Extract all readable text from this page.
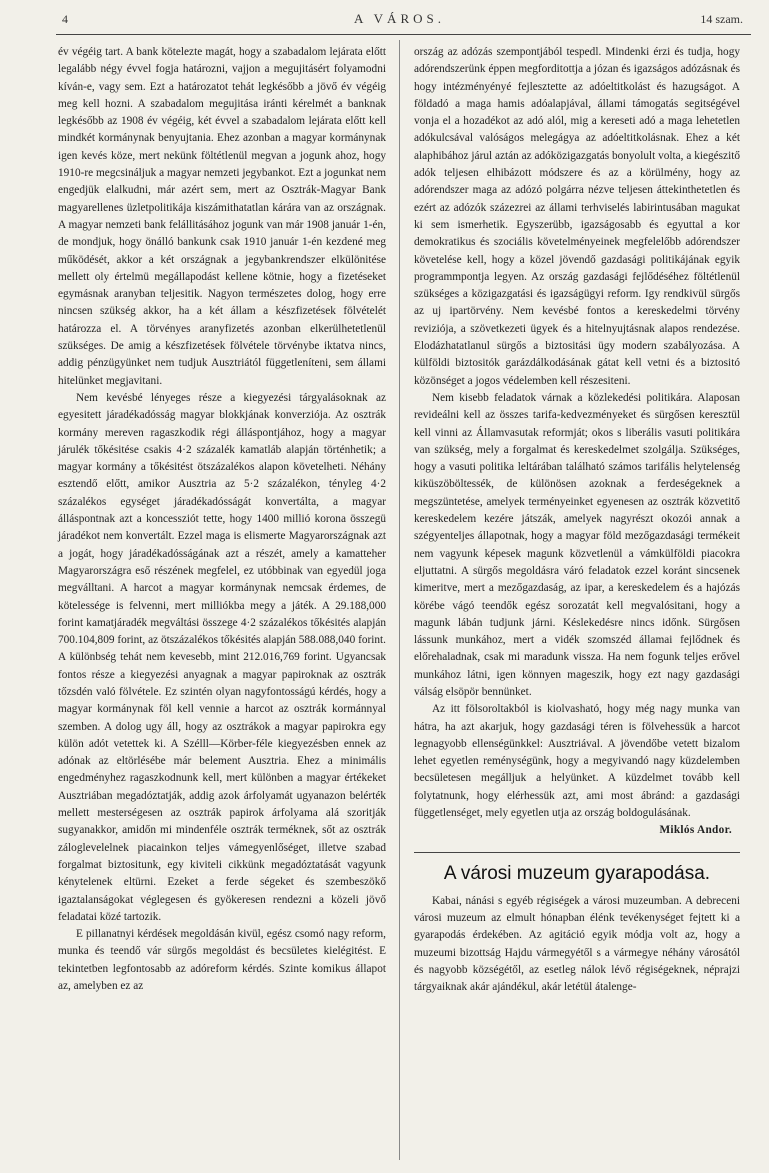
4	A VÁROS.	14 szam.

év végéig tart. A bank kötelezte magát, hogy a szabadalom lejárata előtt legalább négy évvel fogja határozni, vajjon a megujitásért folyamodni kíván-e, vagy sem. Ezt a határozatot tehát legkésőbb a jövő év végéig meg kell hozni. A szabadalom megujitása iránti kérelmét a banknak legkésőbb az 1908 év végéig, két évvel a szabadalom lejárata előtt kell mindkét kormánynak benyujtania. Ehez azonban a magyar kormánynak igen kevés köze, mert nekünk föltétlenül megvan a jogunk ahoz, hogy 1910-re megcsináljuk a magyar nemzeti jegybankot. Ezt a jogunkat nem engedjük elalkudni, már azért sem, mert az Osztrák-Magyar Bank magyarellenes üzletpolitikája kiszámithatatlan kárára van az országnak. A magyar nemzeti bank felállitásához jogunk van már 1908 január 1-én, de mondjuk, hogy önálló bankunk csak 1910 január 1-én kezdené meg működését, akkor a két országnak a jegybankrendszer elkülönitése mellett oly értelmü megállapodást kellene kötnie, hogy a fizetéseket egymásnak aranyban teljesitik. Nagyon természetes dolog, hogy erre nincsen szükség akkor, ha a két állam a készfizetések fölvételét határozza el. A törvényes aranyfizetés azonban elkerülhetetlenül szükséges. De amig a készfizetések fölvétele törvénybe iktatva nincs, addig pénzügyünket nem tudjuk Ausztriától függetleníteni, sem állami hitelünket megjavitani.

Nem kevésbé lényeges része a kiegyezési tárgyalásoknak az egyesitett járadékadósság magyar blokkjának konverziója. Az osztrák kormány mereven ragaszkodik régi álláspontjához, hogy a magyar járulék tőkésitése csakis 4·2 százalék kamatláb alapján történhetik; a magyar kormány a tőkésitést ötszázalékos alapon követelheti. Néhány esztendő előtt, amikor Ausztria az 5·2 százalékon, tényleg 4·2 százalékos egységet járadékadósságát konvertálta, a magyar álláspontnak azt a koncessziót tette, hogy 1400 millió korona összegü járadékot nem konvertált. Ezzel maga is elismerte Magyarországnak azt a jogát, hogy járadékadósságának azt a részét, amely a kamatteher Magyarországra eső részének megfelel, ez utóbbinak van egyedül joga megválltani. A harcot a magyar kormánynak nemcsak érdemes, de kötelessége is felvenni, mert milliókba megy a játék. A 29.188,000 forint kamatjáradék megváltási összege 4·2 százalékos tőkésités alapján 700.104,809 forint, az ötszázalékos tőkésités alapján 588.088,040 forint. A különbség tehát nem kevesebb, mint 212.016,769 forint. Ugyancsak fontos része a kiegyezési anyagnak a magyar papiroknak az osztrák tőzsdén való fölvétele. Ez szintén olyan nagyfontosságú kérdés, hogy a magyar kormánynak föl kell vennie a harcot az osztrák kormánnyal szemben. A dolog ugy áll, hogy az osztrákok a magyar papirokra egy külön adót vetettek ki. A Szélll—Körber-féle kiegyezésben ennek az adónak az eltörlésébe már belement Ausztria. Ehez a minimális engedményhez ragaszkodnunk kell, mert különben a magyar értékeket Ausztriában megadóztatják, addig azok árfolyamát ugyanazon belérték mellett mesterségesen az osztrák papirok árfolyama alá szoritják sugyanakkor, amidőn mi mindenféle osztrák terméknek, sőt az osztrák záloglevelelnek piacainkon teljes vámegyenlőséget, illetve szabad forgalmat biztositunk, egy kiviteli cikkünk megadóztatását vagyunk kénytelenek eltürni. Ezeket a ferde ségeket és szembeszökő igaztalanságokat véglegesen és gyökeresen rendezni a közeli jövő feladatai közé tartozik.

E pillanatnyi kérdések megoldásán kivül, egész csomó nagy reform, munka és teendő vár sürgős megoldást és becsületes kielégitést. E tekintetben legfontosabb az adóreform kérdés. Szinte komikus állapot az, amelyben ez az

ország az adózás szempontjából tespedl. Mindenki érzi és tudja, hogy adórendszerünk éppen megforditottja a józan és igazságos adózásnak és hogy intézményényé fejlesztette az adóeltitkolást és hazugságot. A földadó a maga hamis adóalapjával, állami támogatás segitségével vonja el a hozadékot az adó alól, mig a kereseti adó a maga lehetetlen adókulcsával valóságos melegágya az adóeltitkolásnak. Ehez a két alaphibához járul aztán az adóközigazgatás bonyolult volta, a kiegészitő adók teljesen elhibázott módszere és az a körülmény, hogy az adórendszer maga az adózó polgárra nézve teljesen áttekinthetetlen és ezért az adózók százezrei az állami terhviselés labirintusában magukat ki sem ismerhetik. Egyszerübb, igazságosabb és egyuttal a kor demokratikus és szociális követelményeinek megfelelőbb adórendszer követelése kell, hogy a közel jövendő gazdasági politikájának egyik programmpontja legyen. Az ország gazdasági fejlődéséhez föltétlenül szükséges a közigazgatási és igazságügyi reform. Igy rendkivül sürgős az uj ipartörvény. Nem kevésbé fontos a kereskedelmi törvény reviziója, a szövetkezeti ügyek és a hitelnyujtásnak alapos rendezése. Elodázhatatlanul sürgős a biztositási ügy modern szabályozása. A külföldi biztositók garázdálkodásának gátat kell vetni és a biztositó közönséget a jogos védelemben kell részesiteni.

Nem kisebb feladatok várnak a közlekedési politikára. Alaposan revideálni kell az összes tarifa-kedvezményeket és sürgősen keresztül kell vinni az Államvasutak reformját; okos s liberális vasuti politikára van szükség, mely a forgalmat és kereskedelmet szolgálja. Szükséges, hogy a vasuti politika leltárában található számos tarifális helytelenség kiküszöböltessék, de különösen azoknak a ferdeségeknek a megszüntetése, amelyek terményeinket egyenesen az osztrák közvetitő kereskedelem kezére játszák, amelyek nagyrészt okozói annak a szégyenteljes állapotnak, hogy a magyar föld mezőgazdasági termékeit nem vagyunk képesek magunk közvetlenül a vámkülföldi piacokra eljuttatni. A sürgős megoldásra váró feladatok ezzel koránt sincsenek kimeritve, mert a mezőgazdaság, az ipar, a kereskedelem és a hajózás körébe vágó teendők egész sorozatát kell megvalósitani, hogy a magunk lábán tudjunk járni. Késlekedésre nincs időnk. Sürgősen lássunk munkához, mert a vidék szomszéd államai fejlődnek és előrehaladnak, csak mi maradunk vissza. Ha nem fogunk teljes erővel munkához látni, igen könnyen mageszik, hogy ezt nagy gazdasági válság elsöpör bennünket.

Az itt fölsoroltakból is kiolvasható, hogy még nagy munka van hátra, ha azt akarjuk, hogy gazdasági téren is fölvehessük a harcot legnagyobb ellenségünkkel: Ausztriával. A jövendőbe vetett bizalom lehet egyetlen reménységünk, hogy a megyivandó nagy küzdelemben becsületesen megálljuk a helyünket. A küzdelmet tovább kell folytatnunk, hogy elérhessük azt, ami most ábránd: a gazdasági függetlenséget, mely egyetlen utja az ország boldogulásának.

Miklós Andor.

A városi muzeum gyarapodása.

Kabai, nánási s egyéb régiségek a városi muzeumban. A debreceni városi muzeum az elmult hónapban élénk tevékenységet fejtett ki a gyarapodás érdekében. Az agitáció egyik módja volt az, hogy a muzeumi bizottság Hajdu vármegyétől s a vármegye néhány városától és nagyobb községétől, az esetleg nálok lévő régiségeknek, néprajzi tárgyaiknak akár ajándékul, akár letétül átalenge-
